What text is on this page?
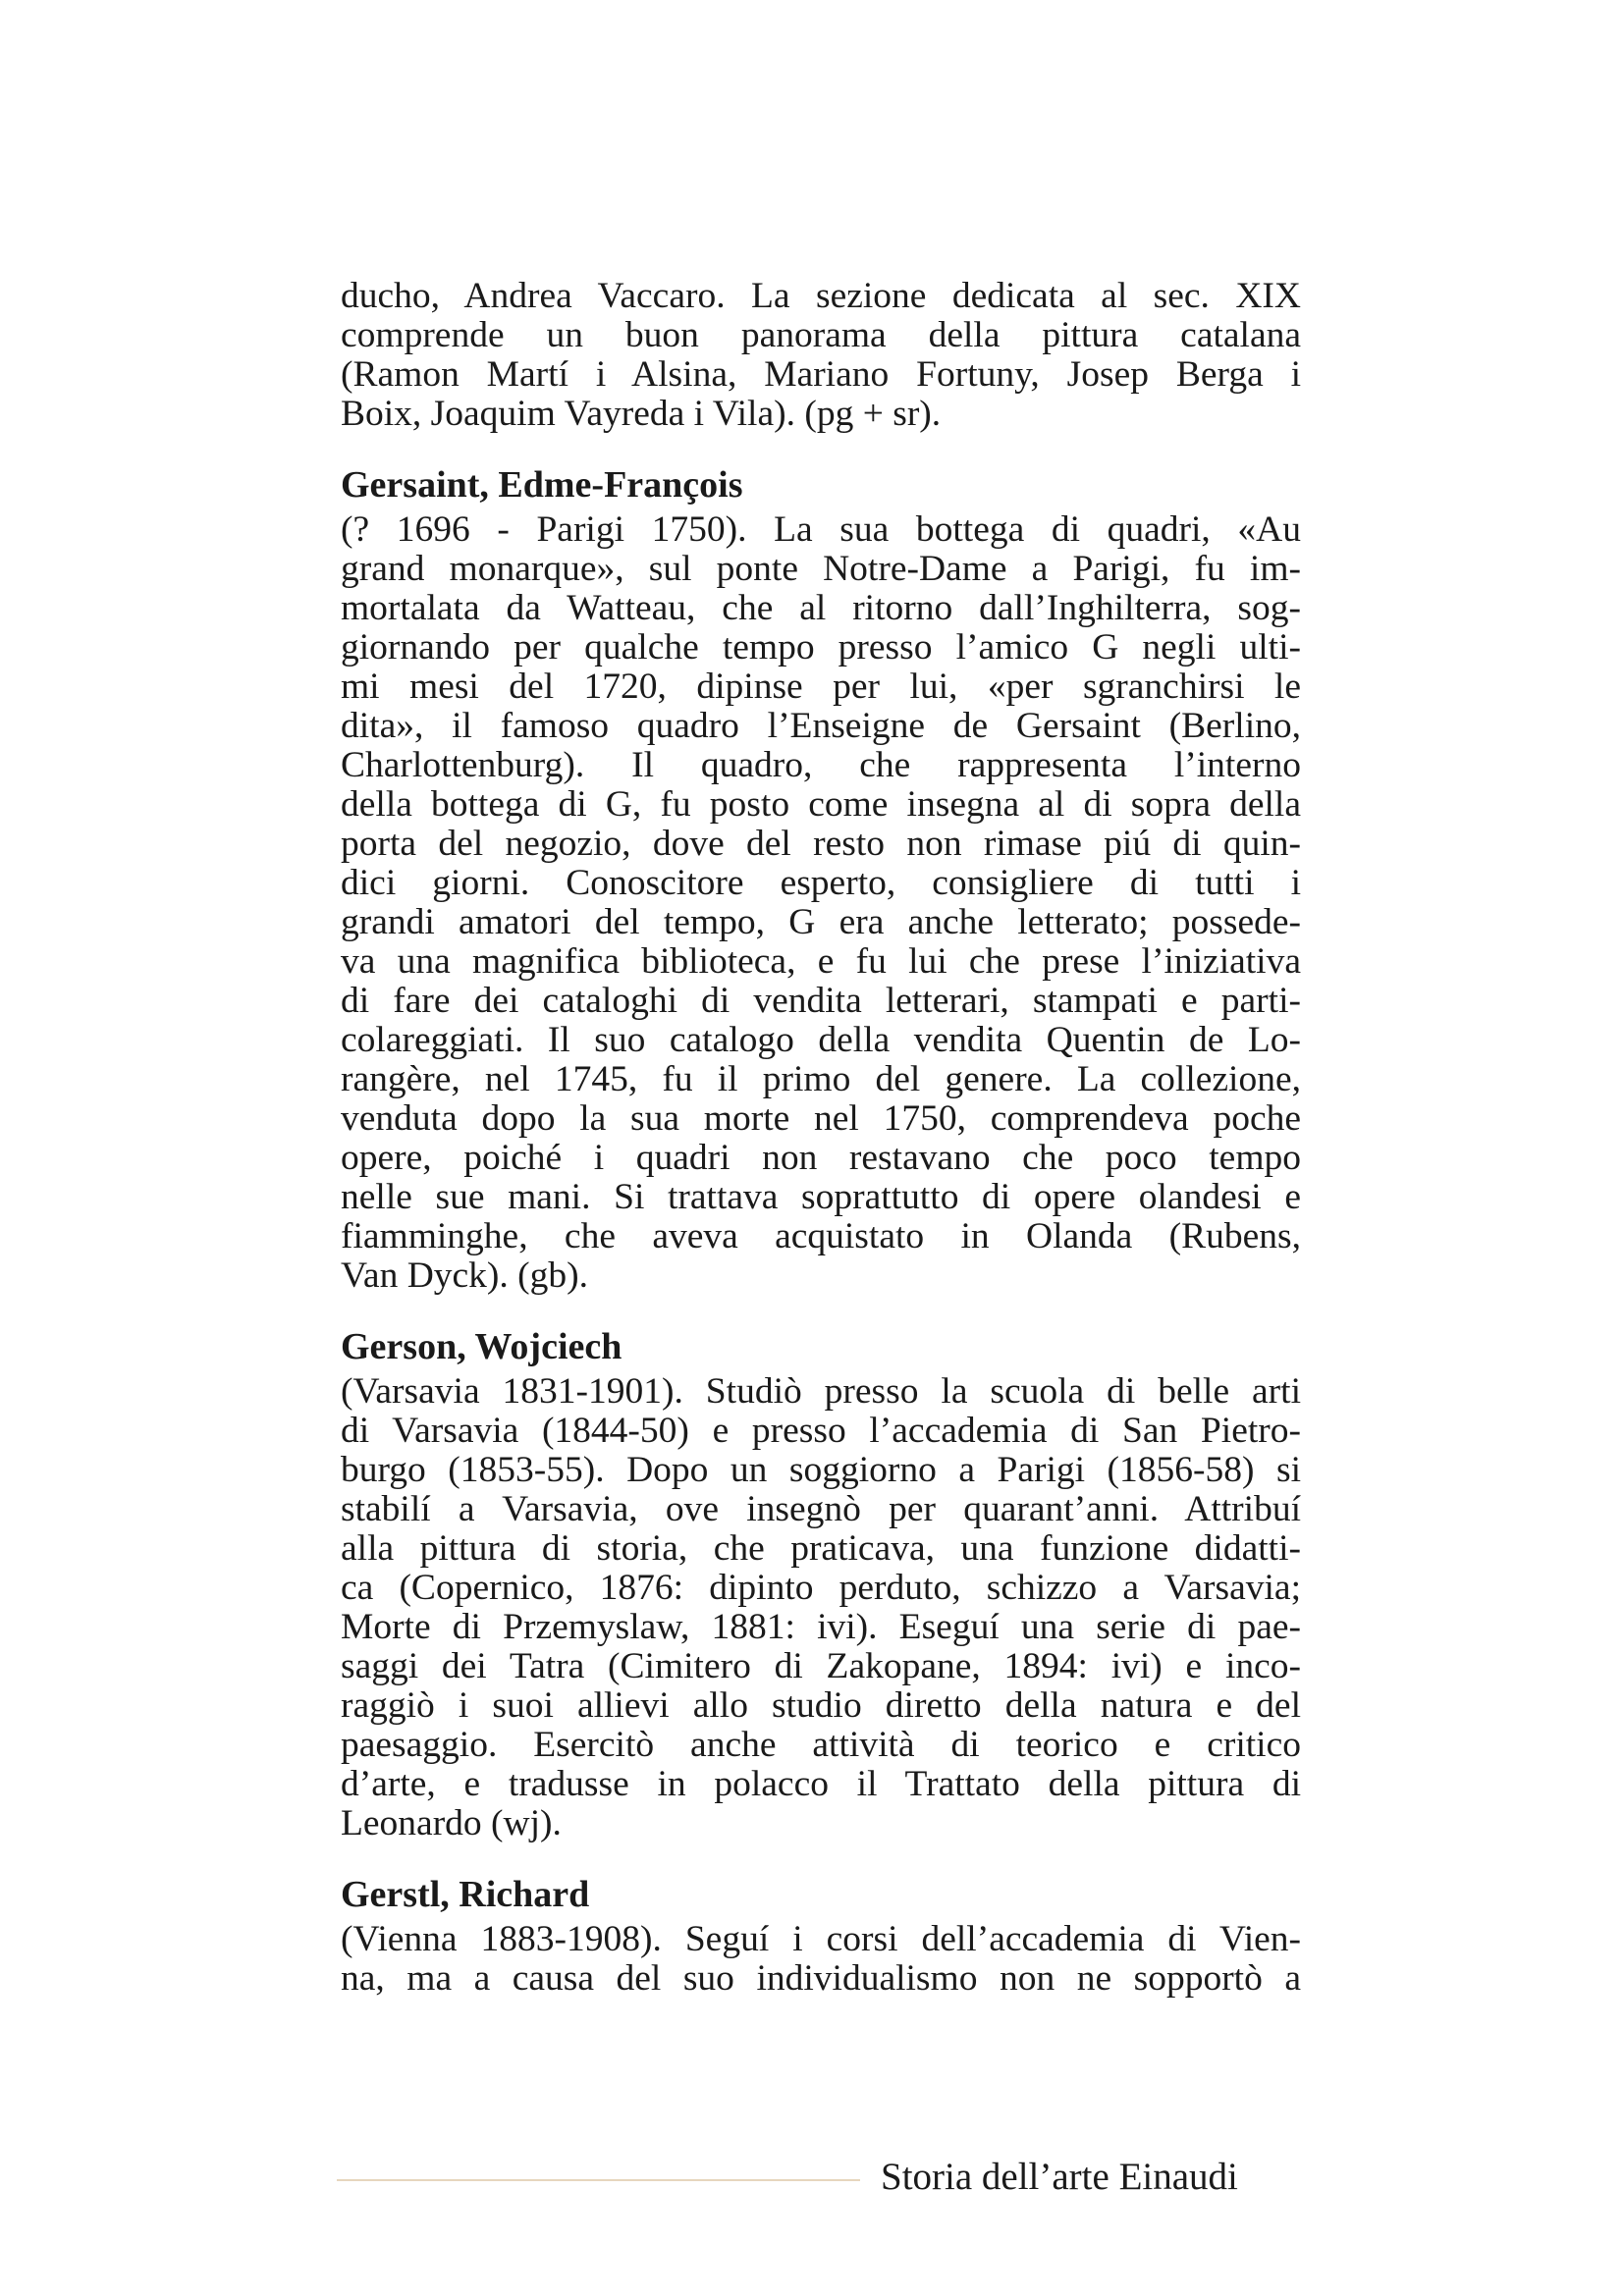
ducho, Andrea Vaccaro. La sezione dedicata al sec. XIX
comprende un buon panorama della pittura catalana
(Ramon Martí i Alsina, Mariano Fortuny, Josep Berga i
Boix, Joaquim Vayreda i Vila). (pg + sr).

Gersaint, Edme-François

(? 1696 - Parigi 1750). La sua bottega di quadri, «Au
grand monarque», sul ponte Notre-Dame a Parigi, fu im-
mortalata da Watteau, che al ritorno dall’Inghilterra, sog-
giornando per qualche tempo presso l’amico G negli ulti-
mi mesi del 1720, dipinse per lui, «per sgranchirsi le
dita», il famoso quadro l’Enseigne de Gersaint (Berlino,
Charlottenburg). Il quadro, che rappresenta l’interno
della bottega di G, fu posto come insegna al di sopra della
porta del negozio, dove del resto non rimase piú di quin-
dici giorni. Conoscitore esperto, consigliere di tutti i
grandi amatori del tempo, G era anche letterato; possede-
va una magnifica biblioteca, e fu lui che prese l’iniziativa
di fare dei cataloghi di vendita letterari, stampati e parti-
colareggiati. Il suo catalogo della vendita Quentin de Lo-
rangère, nel 1745, fu il primo del genere. La collezione,
venduta dopo la sua morte nel 1750, comprendeva poche
opere, poiché i quadri non restavano che poco tempo
nelle sue mani. Si trattava soprattutto di opere olandesi e
fiamminghe, che aveva acquistato in Olanda (Rubens,
Van Dyck). (gb).

Gerson, Wojciech

(Varsavia 1831-1901). Studiò presso la scuola di belle arti
di Varsavia (1844-50) e presso l’accademia di San Pietro-
burgo (1853-55). Dopo un soggiorno a Parigi (1856-58) si
stabilí a Varsavia, ove insegnò per quarant’anni. Attribuí
alla pittura di storia, che praticava, una funzione didatti-
ca (Copernico, 1876: dipinto perduto, schizzo a Varsavia;
Morte di Przemyslaw, 1881: ivi). Eseguí una serie di pae-
saggi dei Tatra (Cimitero di Zakopane, 1894: ivi) e inco-
raggiò i suoi allievi allo studio diretto della natura e del
paesaggio. Esercitò anche attività di teorico e critico
d’arte, e tradusse in polacco il Trattato della pittura di
Leonardo (wj).

Gerstl, Richard

(Vienna 1883-1908). Seguí i corsi dell’accademia di Vien-
na, ma a causa del suo individualismo non ne sopportò a

Storia dell’arte Einaudi
